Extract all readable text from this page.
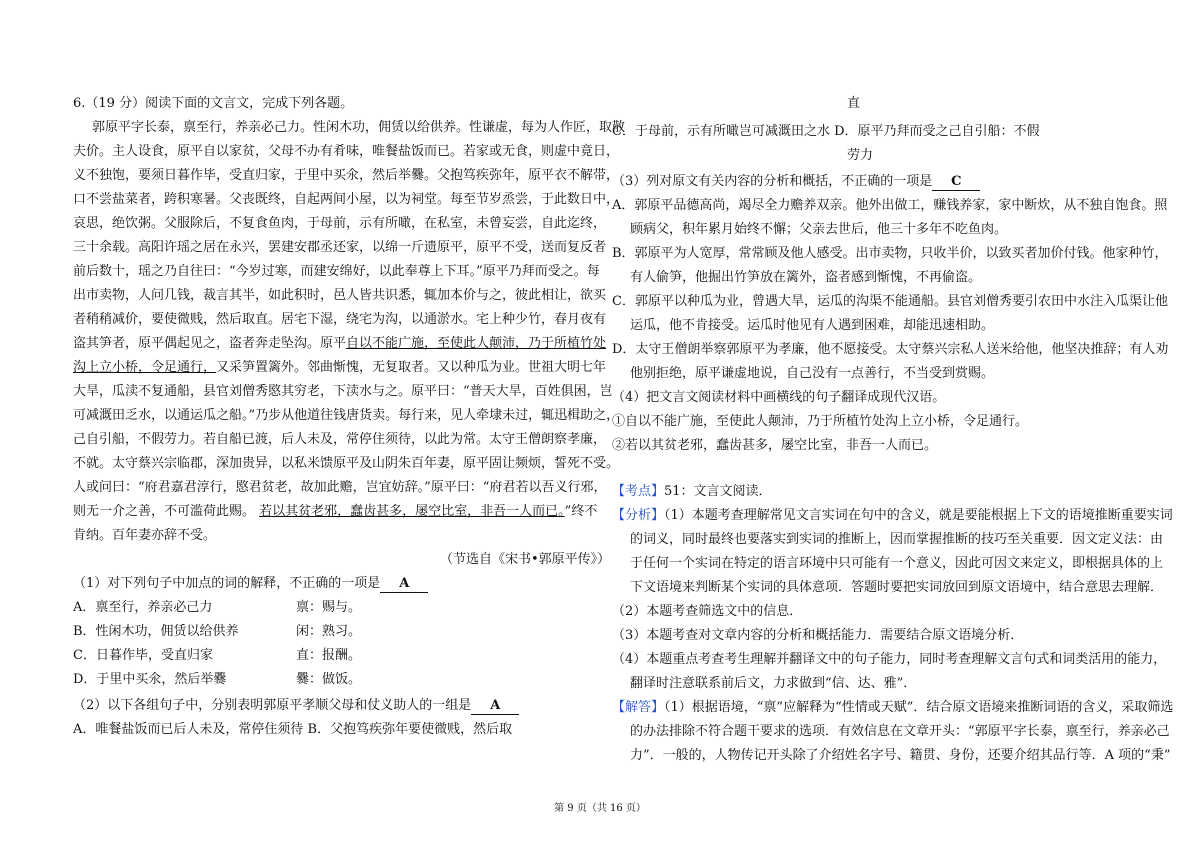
6.（19 分）阅读下面的文言文，完成下列各题。
郭原平字长泰，禀至行，养亲必己力。性闲木功，佣赁以给供养。性谦虚，每为人作匠，取散
夫价。主人设食，原平自以家贫，父母不办有肴味，唯餐盐饭而已。若家或无食，则虚中竟日，
义不独饱，要须日暮作毕，受直归家，于里中买氽，然后举爨。父抱笃疾弥年，原平衣不解带，
口不尝盐菜者，跨积寒暑。父丧既终，自起两间小屋，以为祠堂。每至节岁烝尝，于此数日中，
哀思，绝饮粥。父服除后，不复食鱼肉，于母前，示有所噉，在私室，未曾妄尝，自此迄终，
三十余载。高阳许瑶之居在永兴，罢建安郡丞还家，以绵一斤遗原平，原平不受，送而复反者
前后数十，瑶之乃自往曰：“今岁过寒，而建安绵好，以此奉尊上下耳。”原平乃拜而受之。每
出市卖物，人问几钱，裁言其半，如此积时，邑人皆共识悉，辄加本价与之，彼此相让，欲买
者稍稍减价，要使微贱，然后取直。居宅下湿，绕宅为沟，以通淤水。宅上种少竹，春月夜有
盗其笋者，原平偶起见之，盗者奔走坠沟。原平自以不能广施，至使此人颠沛，乃于所植竹处
沟上立小桥，令足通行，又采笋置篱外。邻曲惭愧，无复取者。又以种瓜为业。世祖大明七年
大旱，瓜渎不复通船，县官刘僧秀愍其穷老，下渎水与之。原平曰：“普天大旱，百姓俱困，岂
可减溉田乏水，以通运瓜之船。”乃步从他道往钱唐货卖。每行来，见人牵埭未过，辄迅楫助之，
己自引船，不假劳力。若自船已渡，后人未及，常停住须待，以此为常。太守王僧朗察孝廉，
不就。太守蔡兴宗临郡，深加贵异，以私米馈原平及山阴朱百年妻，原平固让频烦，誓死不受。
人或问曰：“府君嘉君淳行，愍君贫老，故加此赡，岂宜妨辞。”原平曰：“府君若以吾义行邪，
则无一介之善，不可滥荷此赐。 若以其贫老邪，蠢齿甚多，屡空比室，非吾一人而已。”终不
肯纳。百年妻亦辞不受。
（节选自《宋书•郭原平传》）
（1）对下列句子中加点的词的解释，不正确的一项是 A
A．禀至行，养亲必己力	禀：赐与。
B．性闲木功，佣赁以给供养	闲：熟习。
C．日暮作毕，受直归家	直：报酬。
D．于里中买氽，然后举爨	爨：做饭。
（2）以下各组句子中，分别表明郭原平孝顺父母和仗义助人的一组是 A
A．唯餐盐饭而已后人未及，常停住须待 B．父抱笃疾弥年要使微贱，然后取
直
C．于母前，示有所噉岂可减溉田之水 D．原平乃拜而受之己自引船：不假
劳力
（3）列对原文有关内容的分析和概括，不正确的一项是 C
A．郭原平品德高尚，竭尽全力赡养双亲。他外出做工，赚钱养家，家中断炊，从不独自饱食。照
顾病父，积年累月始终不懈；父亲去世后，他三十多年不吃鱼肉。
B．郭原平为人宽厚，常常顾及他人感受。出市卖物，只收半价，以致买者加价付钱。他家种竹，
有人偷笋，他掘出竹笋放在篱外，盗者感到惭愧，不再偷盗。
C．郭原平以种瓜为业，曾遇大旱，运瓜的沟渠不能通船。县官刘僧秀要引农田中水注入瓜渠让他
运瓜，他不肯接受。运瓜时他见有人遇到困难，却能迅速相助。
D．太守王僧朗举察郭原平为孝廉，他不愿接受。太守蔡兴宗私人送米给他，他坚决推辞；有人劝
他别拒绝，原平谦虚地说，自己没有一点善行，不当受到赏赐。
（4）把文言文阅读材料中画横线的句子翻译成现代汉语。
①自以不能广施，至使此人颠沛，乃于所植竹处沟上立小桥，令足通行。
②若以其贫老邪，蠢齿甚多，屡空比室，非吾一人而已。
【考点】51：文言文阅读．
【分析】（1）本题考查理解常见文言实词在句中的含义，就是要能根据上下文的语境推断重要实词
的词义，同时最终也要落实到实词的推断上，因而掌握推断的技巧至关重要．因文定义法：由
于任何一个实词在特定的语言环境中只可能有一个意义，因此可因文来定义，即根据具体的上
下文语境来判断某个实词的具体意项．答题时要把实词放回到原文语境中，结合意思去理解．
（2）本题考查筛选文中的信息．
（3）本题考查对文章内容的分析和概括能力．需要结合原文语境分析．
（4）本题重点考查考生理解并翻译文中的句子能力，同时考查理解文言句式和词类活用的能力，
翻译时注意联系前后文，力求做到“信、达、雅”．
【解答】（1）根据语境，“禀”应解释为“性情或天赋”．结合原文语境来推断词语的含义，采取筛选
的办法排除不符合题干要求的选项．有效信息在文章开头：“郭原平字长泰，禀至行，养亲必己
力”．一般的，人物传记开头除了介绍姓名字号、籍贯、身份，还要介绍其品行等．A 项的“秉”
第 9 页（共 16 页）
